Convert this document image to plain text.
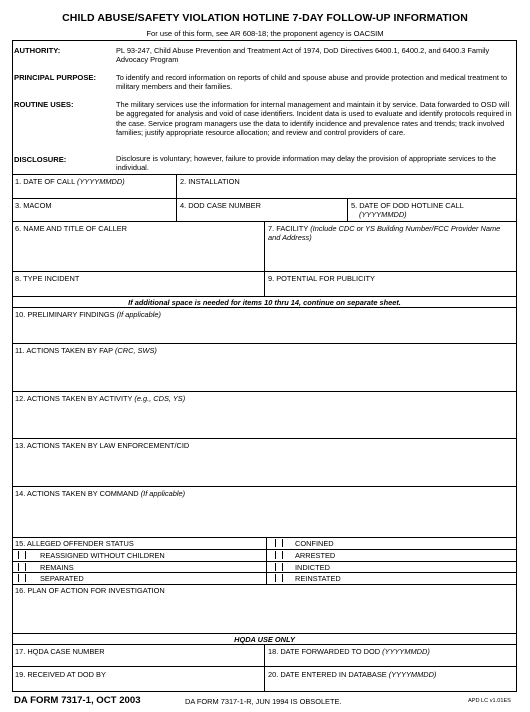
CHILD ABUSE/SAFETY VIOLATION HOTLINE 7-DAY FOLLOW-UP INFORMATION
For use of this form, see AR 608-18; the proponent agency is OACSIM
AUTHORITY:	PL 93-247, Child Abuse Prevention and Treatment Act of 1974, DoD Directives 6400.1, 6400.2, and 6400.3 Family Advocacy Program
PRINCIPAL PURPOSE:	To identify and record information on reports of child and spouse abuse and provide protection and medical treatment to military members and their families.
ROUTINE USES:	The military services use the information for internal management and maintain it by service. Data forwarded to OSD will be aggregated for analysis and void of case identifiers. Incident data is used to evaluate and identify protocols required in the case. Service program managers use the data to identify incidence and prevalence rates and trends; track involved families; justify appropriate resource allocation; and review and control providers of care.
DISCLOSURE:	Disclosure is voluntary; however, failure to provide information may delay the provision of appropriate services to the individual.
1. DATE OF CALL (YYYYMMDD)	2. INSTALLATION
3. MACOM	4. DOD CASE NUMBER	5. DATE OF DOD HOTLINE CALL
(YYYYMMDD)
6. NAME AND TITLE OF CALLER	7. FACILITY (Include CDC or YS Building Number/FCC Provider Name and Address)
8. TYPE INCIDENT	9. POTENTIAL FOR PUBLICITY
If additional space is needed for items 10 thru 14, continue on separate sheet.
10. PRELIMINARY FINDINGS (If applicable)
11. ACTIONS TAKEN BY FAP (CRC, SWS)
12. ACTIONS TAKEN BY ACTIVITY (e.g., CDS, YS)
13. ACTIONS TAKEN BY LAW ENFORCEMENT/CID
14. ACTIONS TAKEN BY COMMAND (If applicable)
15. ALLEGED OFFENDER STATUS
REASSIGNED WITHOUT CHILDREN
REMAINS
SEPARATED
CONFINED
ARRESTED
INDICTED
REINSTATED
16. PLAN OF ACTION FOR INVESTIGATION
HQDA USE ONLY
17. HQDA CASE NUMBER	18. DATE FORWARDED TO DOD (YYYYMMDD)
19. RECEIVED AT DOD BY	20. DATE ENTERED IN DATABASE (YYYYMMDD)
DA FORM 7317-1, OCT 2003	DA FORM 7317-1-R, JUN 1994 IS OBSOLETE.	APD LC v1.01ES
